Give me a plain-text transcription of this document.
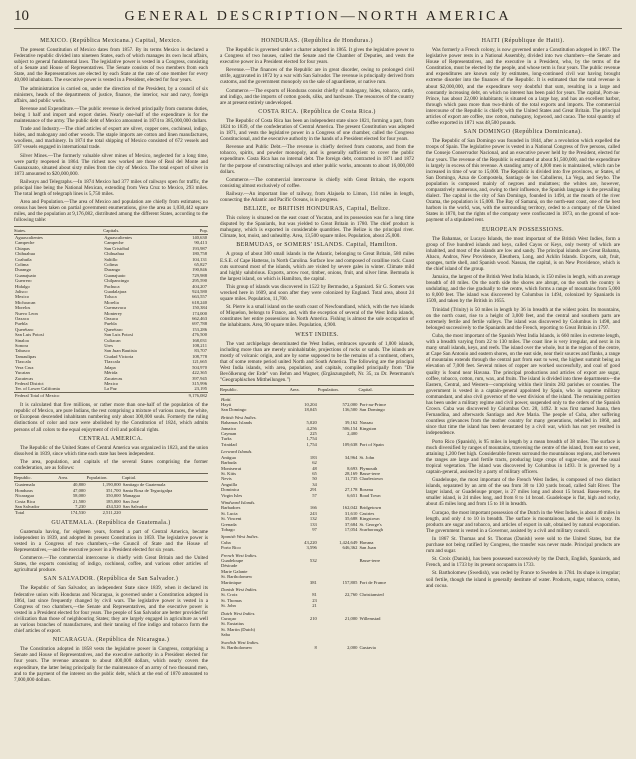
10	GENERAL DESCRIPTION—NORTH AMERICA
MEXICO. (República Mexicana.) Capital, Mexico.

The present Constitution of Mexico dates from 1857. By its terms Mexico is declared a Federative republic divided into nineteen States, each of which manages its own local affairs, subject to general fundamental laws. The legislative power is vested in a Congress, consisting of a Senate and House of Representatives. The Senate consists of two members from each State, and the Representatives are elected by each State at the rate of one member for every 40,000 inhabitants. The executive power is vested in a President, elected for four years.

The administration is carried on, under the direction of the President, by a council of six ministers, heads of the departments of justice, finance, the interior, war and navy, foreign affairs, and public works.

Revenue and Expenditure.—The public revenue is derived principally from customs duties, being 1 half and import and export duties. Nearly one-half of the expenditure is for the maintenance of the army. The public debt of Mexico amounted in 1874 to 385,000,000 dollars.

Trade and Industry.—The chief articles of export are silver, copper ores, cochineal, indigo, hides, and mahogany and other woods. The staple imports are cotton and linen manufactures, woollens, and machinery. In 1874 the total shipping of Mexico consisted of 672 vessels and 597 vessels engaged in international trade.

Silver Mines.—The formerly valuable silver mines of Mexico, neglected for a long time, were partly reopened in 1864. The richest now worked are those of Real del Monte and Guanaxuato, situated about sixty miles from the city of Mexico. The total export of silver in 1873 amounted to $20,000,000.

Railways and Telegraphs.—In 1874 Mexico had 377 miles of railways open for traffic, the principal line being the National Mexican, extending from Vera Cruz to Mexico, 293 miles. The total length of telegraph lines is 5,750 miles.

Area and Population.—The area of Mexico and population are chiefly from estimates; no census has been taken on partial government enumerations, give the area as 1,030,442 square miles, and the population at 9,176,082, distributed among the different States, according to the following table:

States.	Capitals.	Pop.
Aguascalientes	Aguascalientes	140,630
Campeche	Campeche	90,413
Chiapas	San Cristóbal	193,987
Chihuahua	Chihuahua	180,758
Coahuila	Saltillo	104,131
Colima	Colima	65,827
Durango	Durango	190,846
Guanajuato	Guanajuato	729,988
Guerrero	Chilpancingo	295,590
Hidalgo	Pachuca	404,207
Jalisco	Guadalajara	924,580
Mexico	Toluca	663,557
Michoacan	Morelia	618,240
Morelos	Cuernavaca	150,384
Nuevo Leon	Monterey	174,000
Oaxaca	Oaxaca	662,463
Puebla	Puebla	697,788
Querétaro	Querétaro	153,286
San Luis Potosí	San Luis Potosí	476,500
Sinaloa	Culiacan	168,031
Sonora	Ures	108,211
Tabasco	San Juan Bautista	83,707
Tamaulipas	Ciudad Victoria	108,778
Tlaxcala	Tlaxcala	121,665
Vera Cruz	Jalapa	504,970
Yucatan	Mérida	422,365
Zacatecas	Zacatecas	397,945
Federal District	Mexico	315,996
Ter. of Lower California	La Paz	23,195
Federal Total of Mexico		9,176,082

It is calculated that five millions, or rather more than one-half of the population of the republic of Mexico, are pure Indians, the rest comprising a mixture of various races, the white, or European descended inhabitants numbering only about 300,000 souls. Formerly the ruling distinctions of color and race were abolished by the Constitution of 1824, which admits persons of all colors to the equal enjoyment of civil and political rights.

CENTRAL AMERICA.

The Republic of the United States of Central America was organized in 1823, and the union dissolved in 1839, since which time each state has been independent.

The area, population, and capitals of the several States comprising the former confederation, are as follows:

Republic.	Area.	Population.	Capital.
Guatemala	40,800	1,190,000	Santiago de Guatemala
Honduras	47,000	351,700	Santa Rosa de Tegucigalpa
Nicaragua	58,000	350,000	Managua
Costa Rica	21,500	185,000	San José
San Salvador	7,230	434,520	San Salvador
Total	174,530	2,511,220	
GUATEMALA. (República de Guatemala.)

Guatemala having, for eighteen years, formed a part of Central America, became independent in 1839, and adopted its present Constitution in 1859. The legislative power is vested in a Congress of two chambers,—the Council of State and the House of Representatives,—and the executive power in a President elected for six years.

Commerce.—The commercial intercourse is chiefly with Great Britain and the United States, the exports consisting of indigo, cochineal, coffee, and various other articles of agricultural produce.

SAN SALVADOR. (República de San Salvador.)

The Republic of San Salvador, an independent State since 1839, when it declared its federative union with Honduras and Nicaragua, is governed under a Constitution adopted in 1864, last since frequently changed by civil wars. The legislative power is vested in a Congress of two chambers,—the Senate and Representatives, and the executive power is vested in a President elected for four years. The people of San Salvador are better provided for civilization than those of neighbouring States; they are largely engaged in agriculture as well as various branches of manufactures, and their tanning of fine indigo and tobacco form the chief articles of export.

NICARAGUA. (República de Nicaragua.)

The Constitution adopted in 1858 vests the legislative power in Congress, comprising a Senate and House of Representatives, and the executive authority in a President elected for four years. The revenue amounts to about 400,000 dollars, which nearly covers the expenditure, the latter being principally for the maintenance of an army of two thousand men, and to the payment of the interest on the public debt, which at the end of 1870 amounted to 7,000,000 dollars.

HONDURAS. (República de Honduras.)

The Republic is governed under a charter adopted in 1865. It gives the legislative power to a Congress of two houses, called the Senate and the Chamber of Deputies, and vests the executive power in a President elected for four years.

Revenue.—The finances of the Republic are in great disorder, owing to prolonged civil strife, aggravated in 1872 by a war with San Salvador. The revenue is principally derived from customs, and the government monopoly on the sale of aguardiente, or native rum.

Commerce.—The exports of Honduras consist chiefly of mahogany, hides, tobacco, cattle, and indigo, and the imports of cotton goods, silks, and hardware. The resources of the country are at present entirely undeveloped.

COSTA RICA. (República de Costa Rica.)

The Republic of Costa Rica has been an independent state since 1821, forming a part, from 1824 to 1839, of the confederation of Central America. The present Constitution was adopted in 1871, and vests the legislative power in a Congress of one chamber, called the Congreso Constitucional, and the executive authority in the hands of a President elected for four years.

Revenue and Public Debt.—The revenue is chiefly derived from customs, and from the tobacco, spirits, and powder monopoly, and is generally sufficient to cover the public expenditure. Costa Rica has no internal debt. The foreign debt, contracted in 1871 and 1872 for the purpose of constructing railways and other public works, amounts to about 16,000,000 dollars.

Commerce.—The commercial intercourse is chiefly with Great Britain, the exports consisting almost exclusively of coffee.

Railway.—An important line of railway, from Alajuela to Limon, 114 miles in length, connecting the Atlantic and Pacific Oceans, is in progress.

BELIZE, or BRITISH HONDURAS, Capital, Belize.

This colony is situated on the east coast of Yucatan, and its possession was for a long time disputed by the Spaniards, but was yielded to Great Britain in 1780. The chief product is mahogany, which is exported in considerable quantities. The Belize is the principal river. Climate, hot, moist, and unhealthy. Area, 13,500 square miles. Population, about 25,000.

BERMUDAS, or SOMERS' ISLANDS. Capital, Hamilton.

A group of about 300 small islands in the Atlantic, belonging to Great Britain, 580 miles E.S.E. of Cape Hatteras, in North Carolina. Surface low and composed of coralline rock. Coast cuts surround most of the islands, which are visited by severe gales in winter. Climate mild and highly salubrious. Exports, arrow root, timber, onions, fruit, and silver lime. Bermuda is the largest island, on which is Hamilton, the capital.

This group of islands was discovered in 1522 by Bermudez, a Spaniard. Sir G. Somers was wrecked here in 1609, and soon after they were colonized by England. Total area, about 24 square miles. Population, 11,700.

St. Pierre is a small island on the south coast of Newfoundland, which, with the two islands of Miquelon, belongs to France, and, with the exception of several of the West India islands, constitutes her entire possessions in North America. Fishing is almost the sole occupation of the inhabitants. Area, 90 square miles. Population, 4,900.

WEST INDIES.

The vast archipelago denominated the West Indies, embraces upwards of 1,000 islands, including more than are merely uninhabitable, projections of rocks or sands. The islands are mostly of volcanic origin, and are by some supposed to be the remains of a continent, others, that of some remote period united North and South America. The following are the principal West India islands, with area, population, and capitals, compiled principally from "Die Bevölkerung der Erde" von Behm and Wagner, (Ergänzungsheft, Nr. 35, zu Dr. Petermann's "Geographischen Mittheilungen.")

Republic.	Area.	Population.	Capital.
Haiti.			
Hayti	10,204	572,000	Port-au-Prince
San Domingo	18,045	136,500	San Domingo
British West Indies.			
Bahamas Islands	5,020	39,162	Nassau
Jamaica	4,256	506,154	Kingston
Cayman	225	2,400	
Turks	1,754		
Trinidad	1,754	109,638	Port of Spain
Leeward Islands.			
Antigua	183	34,964	St. John
Barbuda	62		
Montserrat	48	8,693	Plymouth
St. Kitts	65	28,169	Basse-terre
Nevis	50	11,735	Charlestown
Anguilla	34		
Dominica	291	27,178	Roseau
Virgin Isles	57	6,651	Road Town
Windward Islands.			
Barbadoes	166	162,042	Bridgetown
St. Lucia	243	31,610	Castries
St. Vincent	132	35,688	Kingstown
Grenada	133	37,684	St. George's
Tobago	97	17,054	Scarborough
Spanish West Indies.			
Cuba	43,220	1,424,649	Havana
Porto Rico	3,596	646,362	San Juan
French West Indies.			
Guadeloupe	532		Basse-terre
Désirade			
Marie Galante			
St. Bartholomew			
Martinique	381	157,805	Fort de France
Danish West Indies.			
St. Croix	81	22,760	Christiansted
St. Thomas	23		
St. John	21		
Dutch West Indies.			
Curaçao	210	21,000	Willemstad
St. Eustatius			
St. Martin (Dutch)			
Saba			
Swedish West Indies.			
St. Bartholomew	8	2,000	Gustavia
HAITI (République de Haiti).

Was formerly a French colony, is now governed under a Constitution adopted in 1867. The legislative power rests in a National Assembly, divided into two chambers—the Senate and House of Representatives, and the executive in a President, who, by the terms of the Constitution, must be elected by the people, and whose term is four years. The public revenue and expenditures are known only by estimates, long-continued civil war having brought extreme disorder into the finances of the Republic. It is estimated that the total revenue is about $2,000,000, and the expenditure very doubtful that sum, resulting in a large and constantly increasing debt, on which no interest has been paid for years. The capital, Port-au-Prince, has about 22,000 inhabitants; is situated on a large bay, and has an excellent harbor, through which pass more than two-thirds of the total exports and imports. The commercial intercourse of the Republic is chiefly with the United States and Great Britain. The principal articles of export are coffee, raw cotton, mahogany, logwood, and cacao. The total quantity of coffee exported in 1871 was 48,500 pounds.

SAN DOMINGO (República Dominicana).

The Republic of San Domingo was founded in 1844, after a revolution which expelled the troops of Spain. The legislative power is vested in a National Congress of five persons, called the Consejo Conservador Nacional, and an executive power held by the President, elected for four years. The revenue of the Republic is estimated at about $1,500,000, and the expenditure is largely in excess of this revenue. A standing army of 4,000 men is maintained, which can be increased in time of war to 15,000. The Republic is divided into five provinces, or States, of San Domingo, Azua de Compostela, Santiago de los Caballeros, La Vega, and Seybo. The population is composed mainly of negroes and mulattoes; the whites are, however, comparatively numerous, and, owing to their influence, the Spanish language is the prevailing dialect. The capital is the city of San Domingo, founded in 1494, at the mouth of the river Ozama, the population is 15,000. The Bay of Samaná, on the north-east coast, one of the best harbors in the world, was, with the surrounding territory, ceded to a company of the United States in 1870, but the rights of the company were confiscated in 1873, on the ground of non-payment of a stipulated rent.

EUROPEAN POSSESSIONS.

The Bahamas, or Lucayo Islands, the most important of the British West Indies, form a group of five hundred islands and keys, called Cayos or Keys, only twenty of which are inhabited, and most of the islands are low and sandy. The principal islands are Great Bahama, Abaco, Andros, New Providence, Eleuthera, Long, and Acklin Islands. Exports, salt, fruit, sponges, turtle shell, and Spanish wood. Nassau, the capital, is on New Providence, which is the chief island of the group.

Jamaica, the largest of the British West India Islands, is 150 miles in length, with an average breadth of 40 miles. On the north side the shores are abrupt, on the south the country is undulating, and the rise gradually to the centre, which forms a range of mountains from 5,000 to 8,000 feet. The island was discovered by Columbus in 1494, colonized by Spaniards in 1509, and taken by the British in 1655.

Trinidad (Trinity) is 50 miles in length by 36 in breadth at the widest point. Its mountains, on the north coast, rise to a height of 3,000 feet, and the central and southern parts are extremely fertile and fertile valleys. The island was discovered by Columbus in 1498, and belonged successively to the Spaniards and the French, reporting to Great Britain in 1797.

Cuba, the most important of the Spanish West India Islands, is 660 miles in extreme length, with a breadth varying from 22 to 130 miles. The coast line is very irregular, and next in its many small islands, keys, and reefs. The island over the whole, but in the region of the centre, at Cape San Antonio and eastern shores, on the east side, near their sources and flanks, a range of mountains extends through the central part from east to west, the highest summit being an elevation of 7,000 feet. Several mines of copper are worked successfully, and coal of good quality is found near Havana. The principal productions and articles of export are sugar, coffee, tobacco, cotton, rum, wax, and fruits. The island is divided into three departments—the Eastern, Central, and Western—comprising within their limits 282 parishes or counties. The government is vested in a captain-general appointed by Spain, who in supreme military commandant, and also civil governor of the west division of the island. The remaining portion has been under a military regime and civil power, suspended only to the orders of the Spanish Crown. Cuba was discovered by Columbus Oct. 28, 1492. It was first named Juana, then Fernandina, and afterwards Santiago and Ave Maria. The people of Cuba, after suffering countless grievances from the mother country for many generations, rebelled in 1868, and since that time the island has been devastated by a civil war, which has not yet resulted in independence.

Porto Rico (Spanish), is 95 miles in length by a mean breadth of 38 miles. The surface is much diversified by ranges of mountains, traversing the centre of the island, from east to west, attaining 1,200 feet high. Considerable forests surround the mountainous regions, and between the ranges are large and fertile tracts, producing large crops of sugar-cane, and the usual tropical vegetation. The island was discovered by Columbus in 1493. It is governed by a captain-general, assisted by a party of military officers.

Guadeloupe, the most important of the French West Indies, is composed of two distinct islands, separated by an arm of the sea from 30 to 130 yards broad, called Salt River. The larger island, or Guadeloupe proper, is 27 miles long and about 15 broad. Basse-terre, the smaller island, is 24 miles long, and from 8 to 14 broad. Guadeloupe is flat, high and rocky, about 45 miles long and from 15 to 18 in breadth.

Curaçao, the most important possession of the Dutch in the West Indies, is about 40 miles in length, and only 4 to 10 in breadth. The surface is mountainous, and the soil is stony. Its products are sugar and tobacco, and articles of export in salt, obtained by natural evaporation. The government is vested in a Governor, assisted by a civil and military council.

In 1867 St. Thomas and St. Thomas (Danish) were sold to the United States, but the purchase not being ratified by Congress, the transfer was never made. Principal products are rum and sugar.

St. Croix (Danish), has been possessed successively by the Dutch, English, Spaniards, and French, and in 1733 by its present occupants in 1733.

St. Bartholomew (Swedish), was ceded by France to Sweden in 1784. Its shape is irregular; soil fertile, though the island is generally destitute of water. Products, sugar, tobacco, cotton, and cocoa.
